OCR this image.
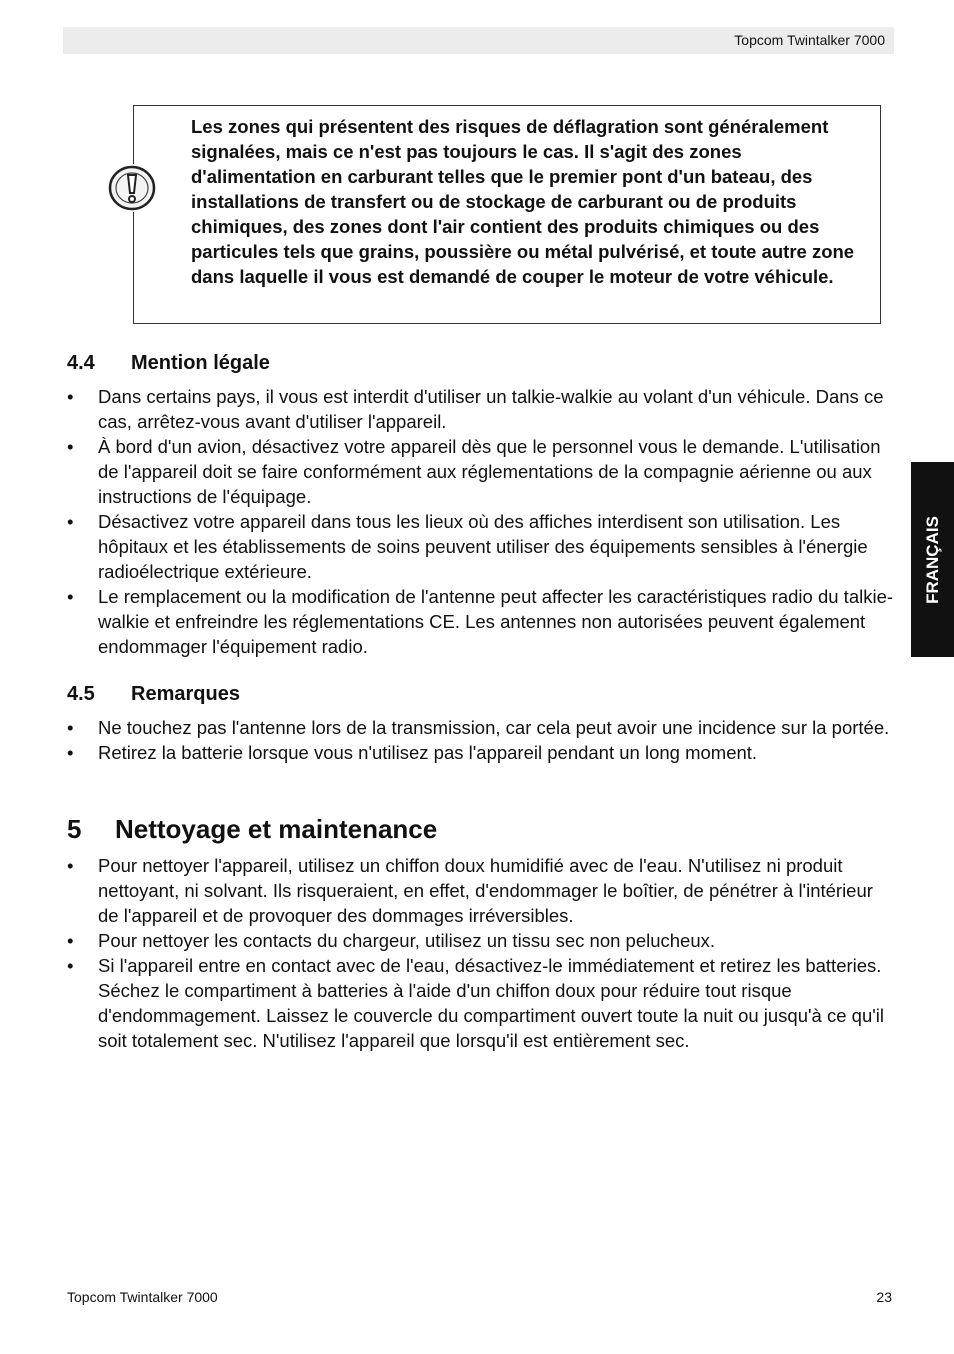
Topcom Twintalker 7000
Les zones qui présentent des risques de déflagration sont généralement signalées, mais ce n'est pas toujours le cas. Il s'agit des zones d'alimentation en carburant telles que le premier pont d'un bateau, des installations de transfert ou de stockage de carburant ou de produits chimiques, des zones dont l'air contient des produits chimiques ou des particules tels que grains, poussière ou métal pulvérisé, et toute autre zone dans laquelle il vous est demandé de couper le moteur de votre véhicule.
4.4 Mention légale
• Dans certains pays, il vous est interdit d'utiliser un talkie-walkie au volant d'un véhicule. Dans ce cas, arrêtez-vous avant d'utiliser l'appareil.
• À bord d'un avion, désactivez votre appareil dès que le personnel vous le demande. L'utilisation de l'appareil doit se faire conformément aux réglementations de la compagnie aérienne ou aux instructions de l'équipage.
• Désactivez votre appareil dans tous les lieux où des affiches interdisent son utilisation. Les hôpitaux et les établissements de soins peuvent utiliser des équipements sensibles à l'énergie radioélectrique extérieure.
• Le remplacement ou la modification de l'antenne peut affecter les caractéristiques radio du talkie-walkie et enfreindre les réglementations CE. Les antennes non autorisées peuvent également endommager l'équipement radio.
4.5 Remarques
• Ne touchez pas l'antenne lors de la transmission, car cela peut avoir une incidence sur la portée.
• Retirez la batterie lorsque vous n'utilisez pas l'appareil pendant un long moment.
5 Nettoyage et maintenance
• Pour nettoyer l'appareil, utilisez un chiffon doux humidifié avec de l'eau. N'utilisez ni produit nettoyant, ni solvant. Ils risqueraient, en effet, d'endommager le boîtier, de pénétrer à l'intérieur de l'appareil et de provoquer des dommages irréversibles.
• Pour nettoyer les contacts du chargeur, utilisez un tissu sec non pelucheux.
• Si l'appareil entre en contact avec de l'eau, désactivez-le immédiatement et retirez les batteries. Séchez le compartiment à batteries à l'aide d'un chiffon doux pour réduire tout risque d'endommagement. Laissez le couvercle du compartiment ouvert toute la nuit ou jusqu'à ce qu'il soit totalement sec. N'utilisez l'appareil que lorsqu'il est entièrement sec.
FRANÇAIS
Topcom Twintalker 7000	23
